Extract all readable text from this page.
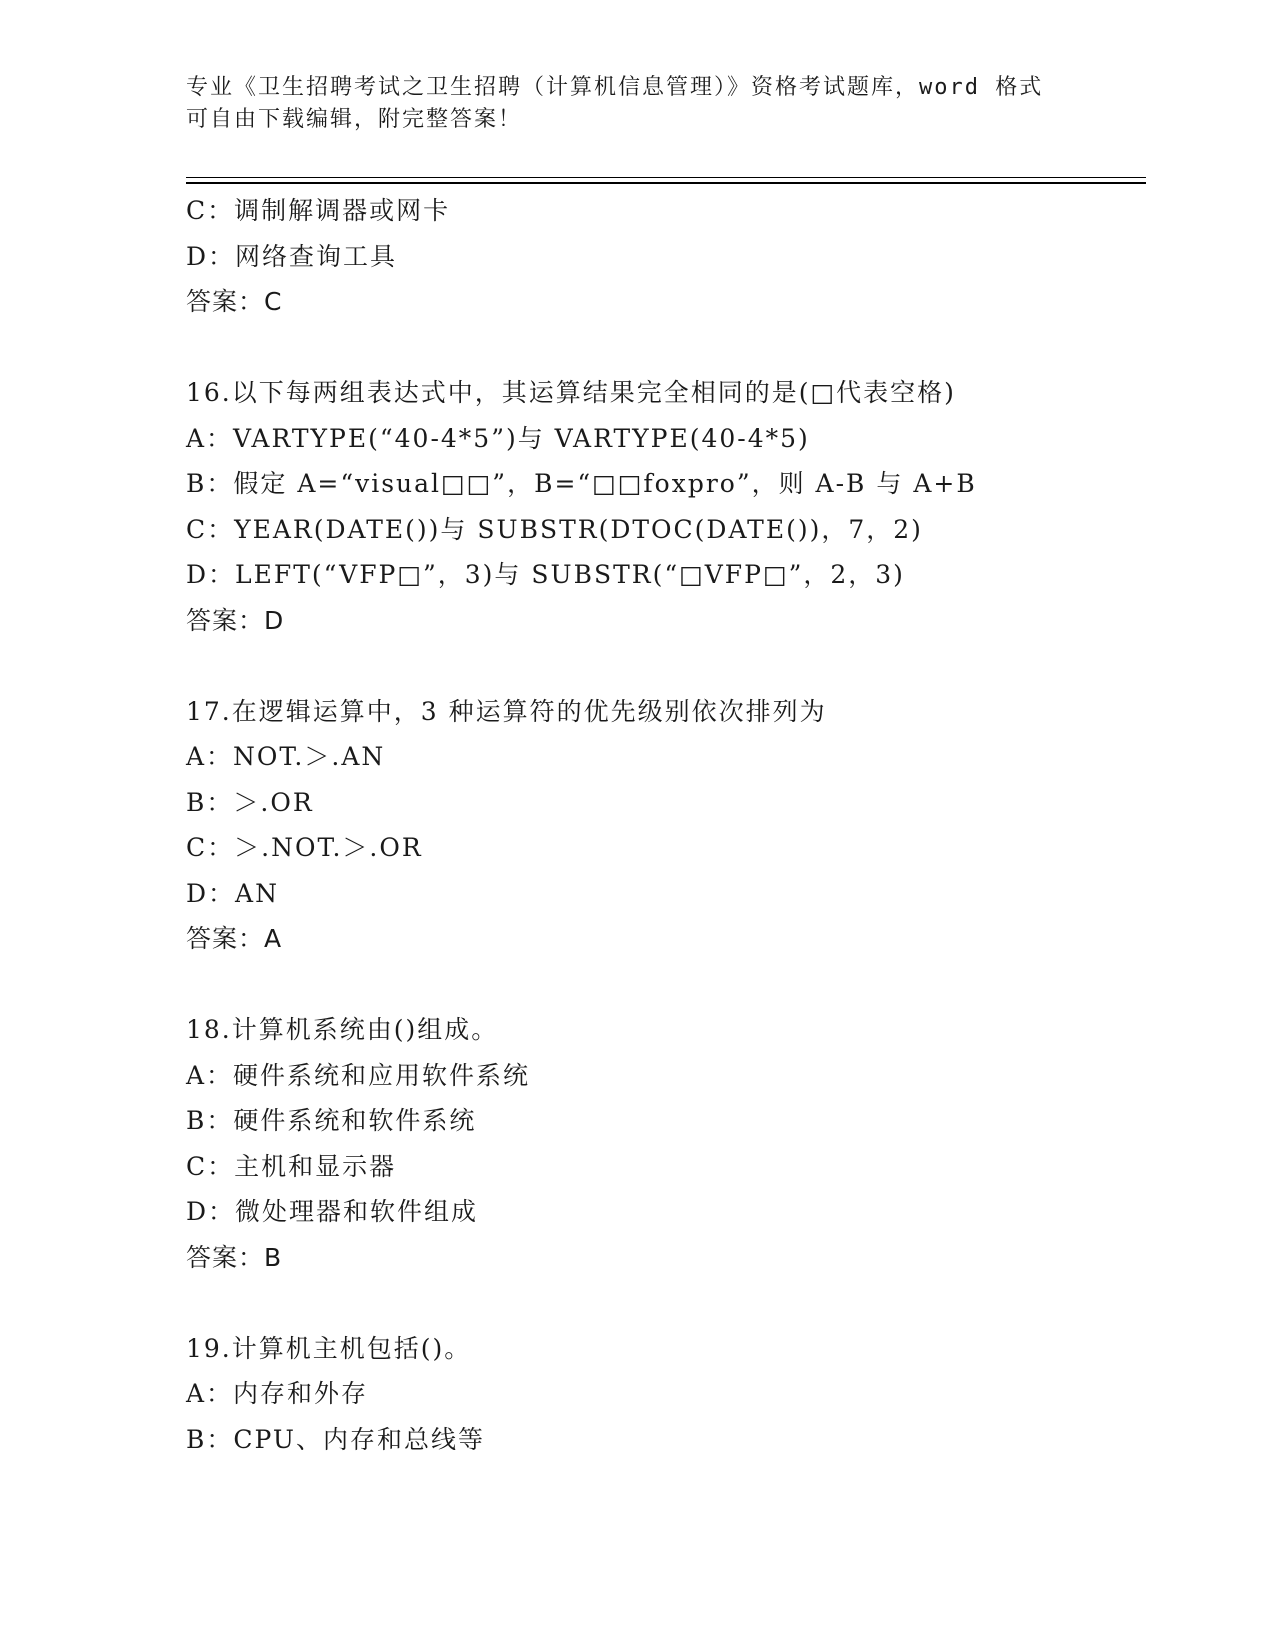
专业《卫生招聘考试之卫生招聘（计算机信息管理）》资格考试题库，word 格式
可自由下载编辑，附完整答案！
C：调制解调器或网卡
D：网络查询工具
答案：C
16.以下每两组表达式中，其运算结果完全相同的是(□代表空格)
A：VARTYPE(“40-4*5”)与 VARTYPE(40-4*5)
B：假定 A=“visual□□”，B=“□□foxpro”，则 A-B 与 A+B
C：YEAR(DATE())与 SUBSTR(DTOC(DATE())，7，2)
D：LEFT(“VFP□”，3)与 SUBSTR(“□VFP□”，2，3)
答案：D
17.在逻辑运算中，3 种运算符的优先级别依次排列为
A：NOT.＞.AN
B：＞.OR
C：＞.NOT.＞.OR
D：AN
答案：A
18.计算机系统由()组成。
A：硬件系统和应用软件系统
B：硬件系统和软件系统
C：主机和显示器
D：微处理器和软件组成
答案：B
19.计算机主机包括()。
A：内存和外存
B：CPU、内存和总线等
